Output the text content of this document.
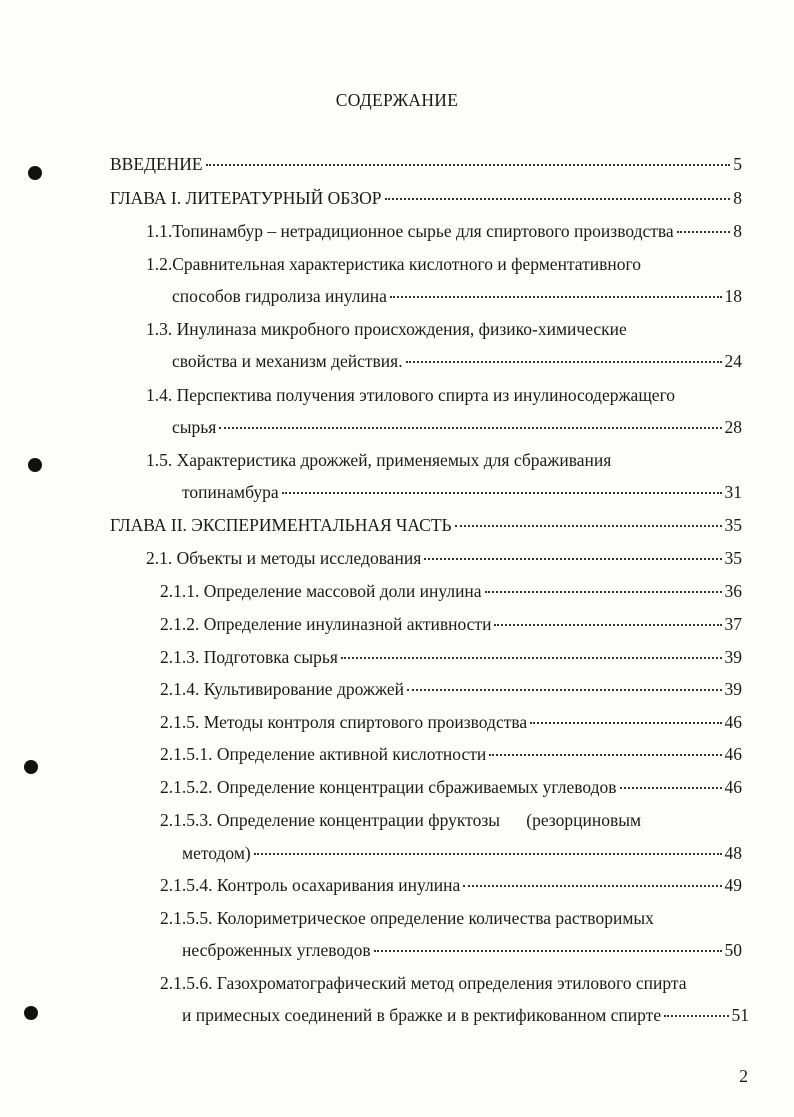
СОДЕРЖАНИЕ
ВВЕДЕНИЕ	5
ГЛАВА I. ЛИТЕРАТУРНЫЙ ОБЗОР	8
1.1.Топинамбур – нетрадиционное сырье для спиртового производства	8
1.2.Сравнительная характеристика кислотного и ферментативного
способов гидролиза инулина	18
1.3. Инулиназа микробного происхождения, физико-химические
свойства и механизм действия.	24
1.4. Перспектива получения этилового спирта из инулиносодержащего
сырья	28
1.5. Характеристика дрожжей, применяемых для сбраживания
топинамбура	31
ГЛАВА II. ЭКСПЕРИМЕНТАЛЬНАЯ ЧАСТЬ	35
2.1. Объекты и методы исследования	35
2.1.1. Определение массовой доли инулина	36
2.1.2. Определение инулиназной активности	37
2.1.3. Подготовка сырья	39
2.1.4. Культивирование дрожжей	39
2.1.5. Методы контроля спиртового производства	46
2.1.5.1. Определение активной кислотности	46
2.1.5.2. Определение концентрации сбраживаемых углеводов	46
2.1.5.3. Определение концентрации фруктозы      (резорциновым
методом)	48
2.1.5.4. Контроль осахаривания инулина	49
2.1.5.5. Колориметрическое определение количества растворимых
несброженных углеводов	50
2.1.5.6. Газохроматографический метод определения этилового спирта
и примесных соединений в бражке и в ректификованном спирте	51
2
